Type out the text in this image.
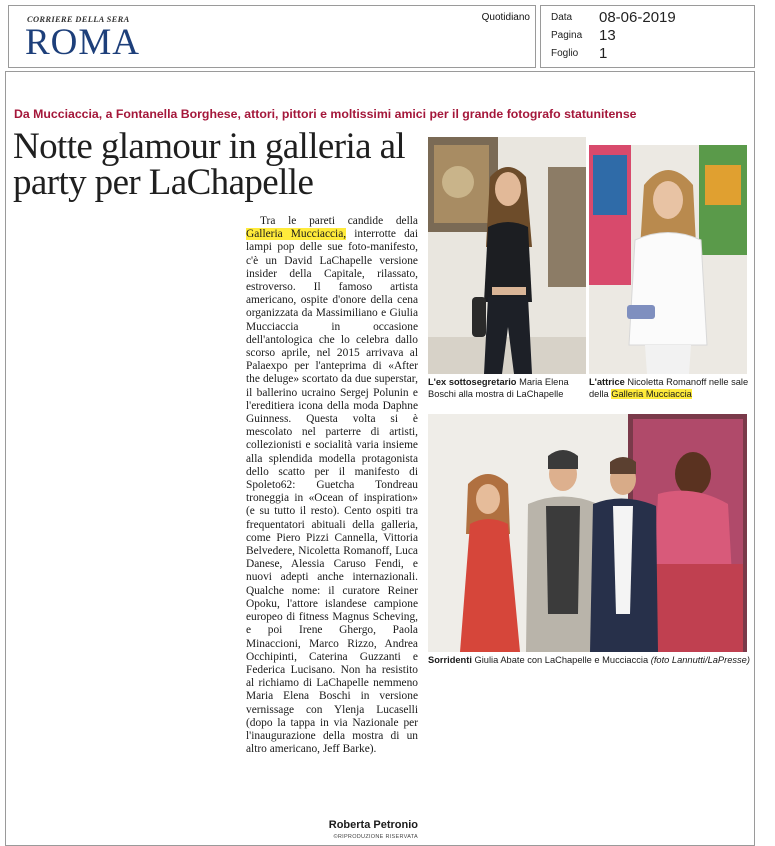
CORRIERE DELLA SERA
ROMA
Quotidiano Data 08-06-2019
Pagina 13
Foglio 1
Da Mucciaccia, a Fontanella Borghese, attori, pittori e moltissimi amici per il grande fotografo statunitense
Notte glamour in galleria al party per LaChapelle

Tra le pareti candide della Galleria Mucciaccia, interrotte dai lampi pop delle sue foto-manifesto, c'è un David LaChapelle versione insider della Capitale, rilassato, estroverso. Il famoso artista americano, ospite d'onore della cena organizzata da Massimiliano e Giulia Mucciaccia in occasione dell'antologica che lo celebra dallo scorso aprile, nel 2015 arrivava al Palaexpo per l'anteprima di «After the deluge» scortato da due superstar, il ballerino ucraino Sergej Polunin e l'ereditiera icona della moda Daphne Guinness. Questa volta si è mescolato nel parterre di artisti, collezionisti e socialità varia insieme alla splendida modella protagonista dello scatto per il manifesto di Spoleto62: Guetcha Tondreau troneggia in «Ocean of inspiration» (e su tutto il resto). Cento ospiti tra frequentatori abituali della galleria, come Piero Pizzi Cannella, Vittoria Belvedere, Nicoletta Romanoff, Luca Danese, Alessia Caruso Fendi, e nuovi adepti anche internazionali. Qualche nome: il curatore Reiner Opoku, l'attore islandese campione europeo di fitness Magnus Scheving, e poi Irene Ghergo, Paola Minaccioni, Marco Rizzo, Andrea Occhipinti, Caterina Guzzanti e Federica Lucisano. Non ha resistito al richiamo di LaChapelle nemmeno Maria Elena Boschi in versione vernissage con Ylenja Lucaselli (dopo la tappa in via Nazionale per l'inaugurazione della mostra di un altro americano, Jeff Barke).

Roberta Petronio
©RIPRODUZIONE RISERVATA
L'ex sottosegretario Maria Elena Boschi alla mostra di LaChapelle
L'attrice Nicoletta Romanoff nelle sale della Galleria Mucciaccia
Sorridenti Giulia Abate con LaChapelle e Mucciaccia (foto Lannutti/LaPresse)
